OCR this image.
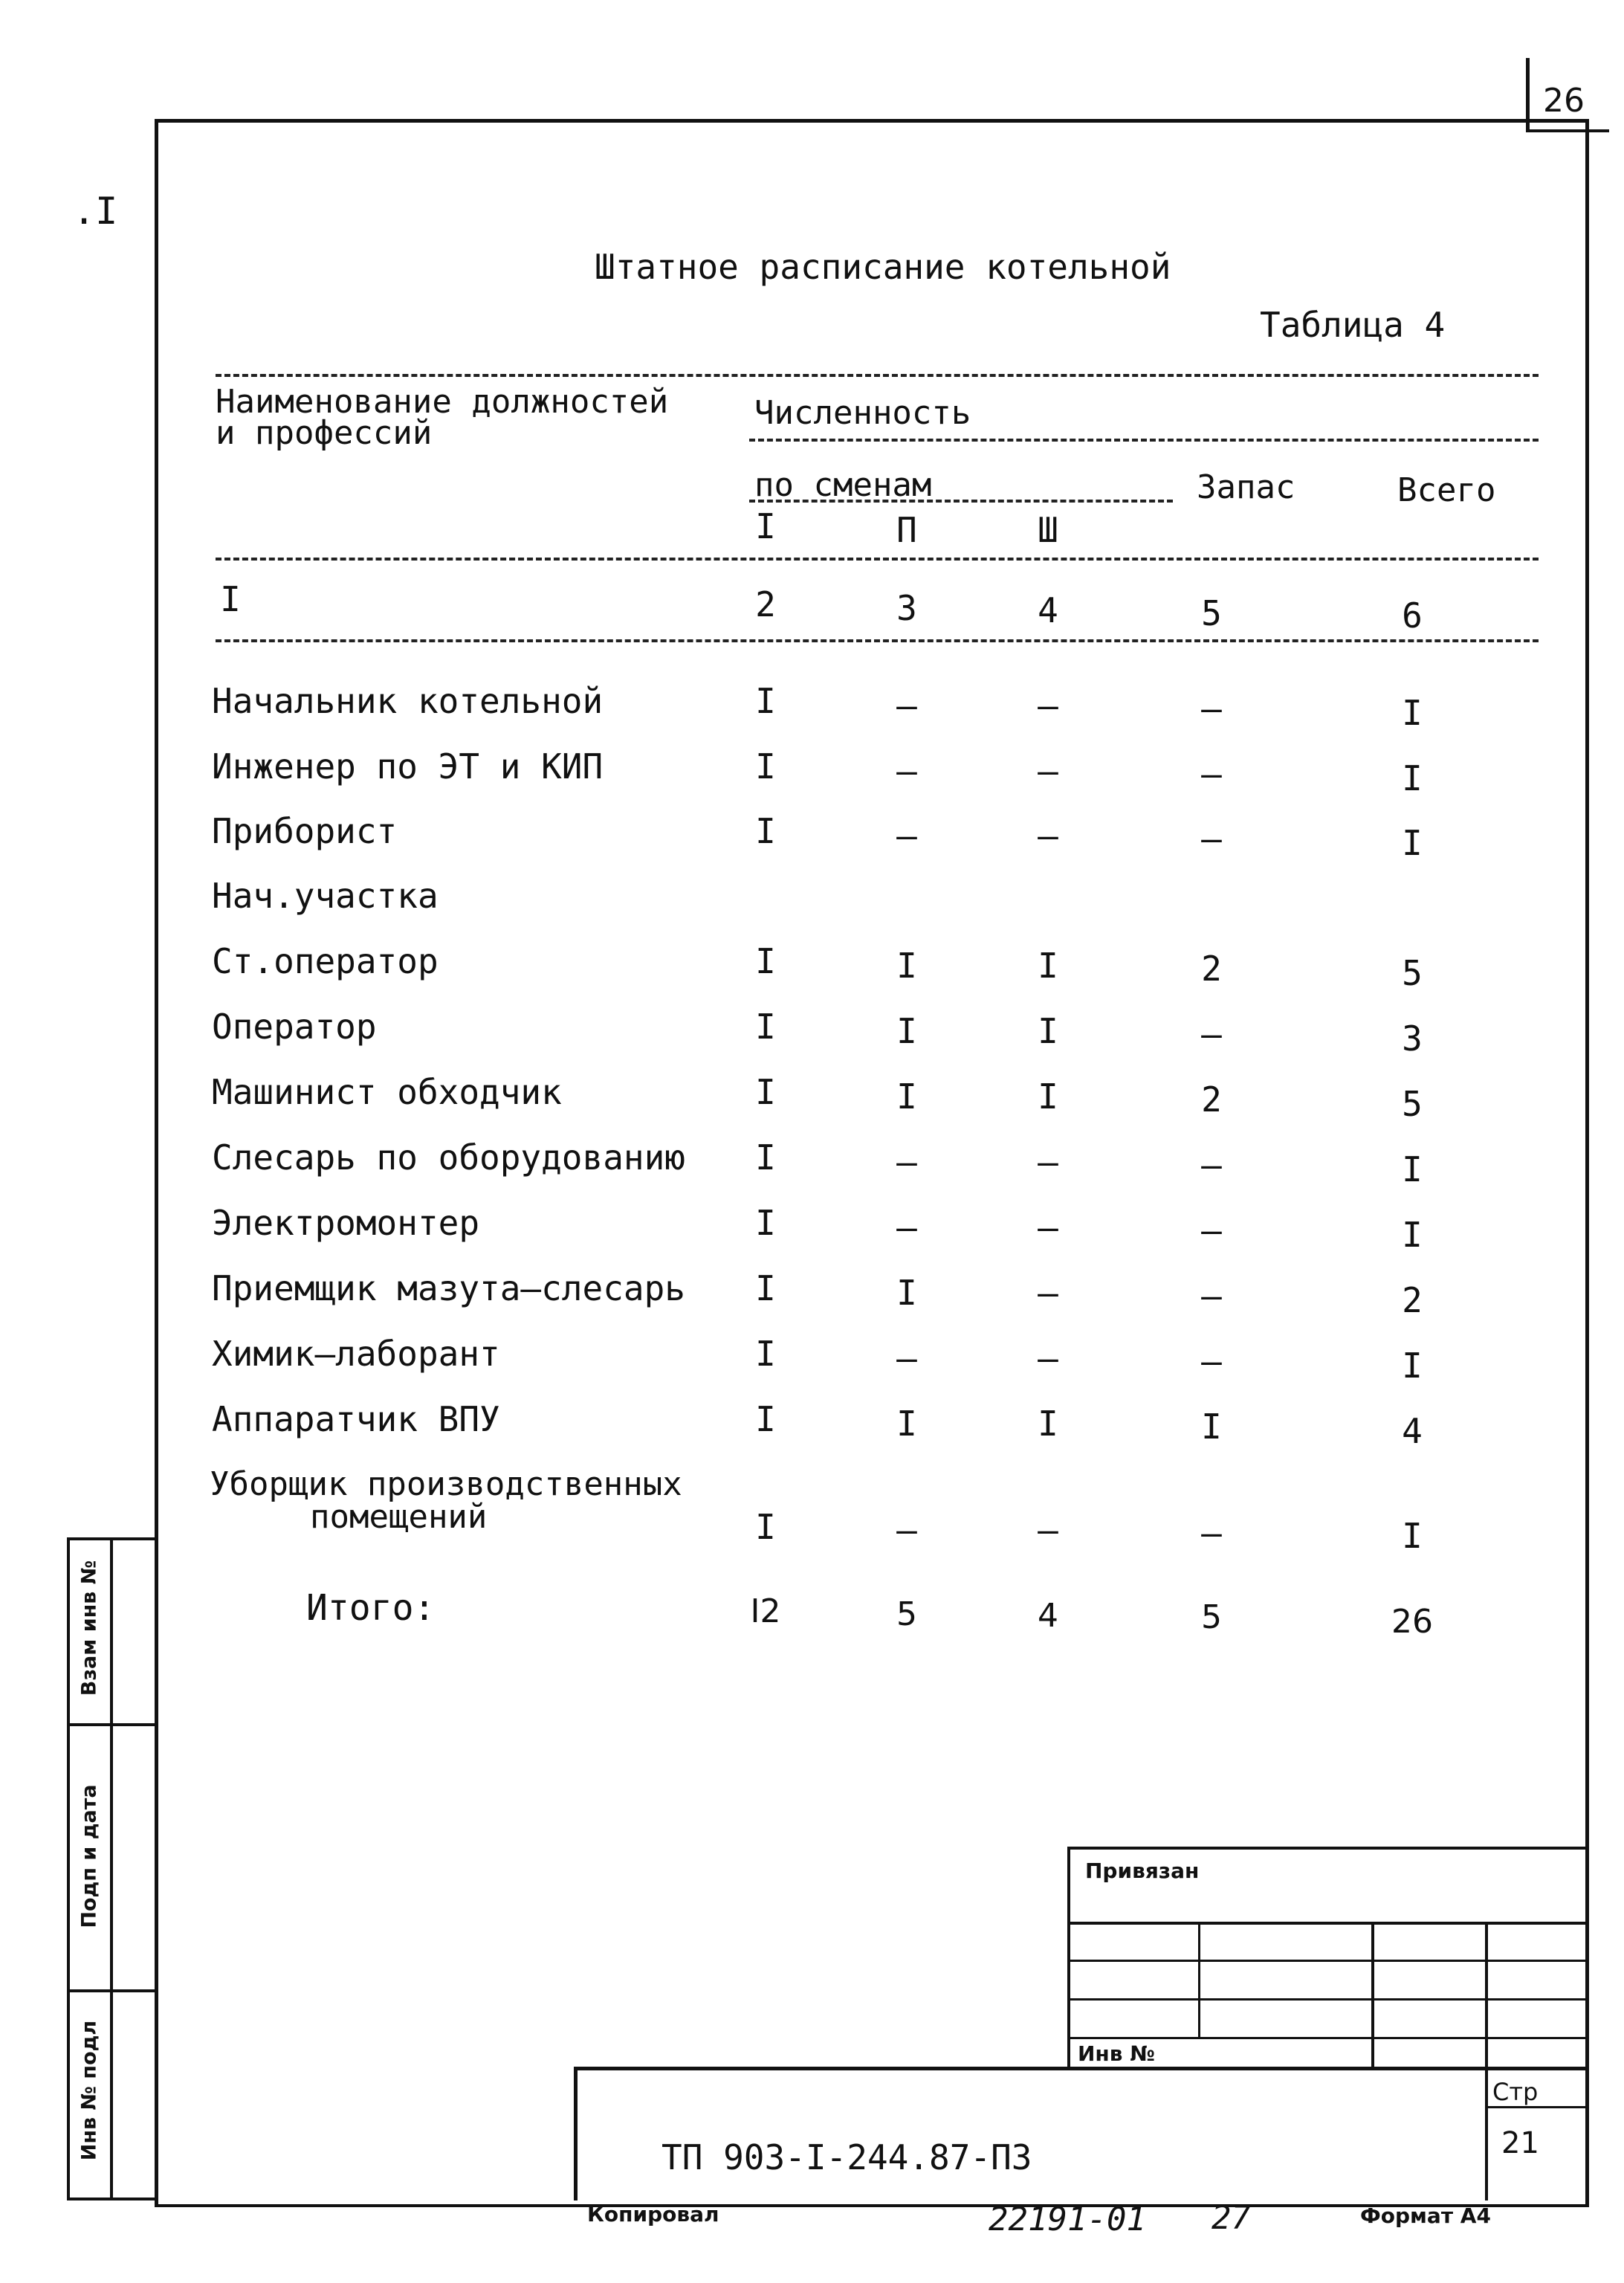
26
.I
Штатное расписание котельной
Таблица 4
Наименование должностей
и профессий
Численность
по сменам	Запас	Всего
I	П	Ш
I	2	3	4	5	6
Начальник котельной	I	–	–	–	I
Инженер по ЭТ и КИП	I	–	–	–	I
Приборист	I	–	–	–	I
Нач.участка
Ст.оператор	I	I	I	2	5
Оператор	I	I	I	–	3
Машинист обходчик	I	I	I	2	5
Слесарь по оборудованию	I	–	–	–	I
Электромонтер	I	–	–	–	I
Приемщик мазута–слесарь	I	I	–	–	2
Химик–лаборант	I	–	–	–	I
Аппаратчик ВПУ	I	I	I	I	4
Уборщик производственных
помещений	I	–	–	–	I
Итого:	I2	5	4	5	26
Взам инв №
Подп и дата
Инв № подл
Привязан
Инв №
Стр
21
ТП 903-I-244.87-ПЗ
Копировал	22191-01 27	Формат А4
